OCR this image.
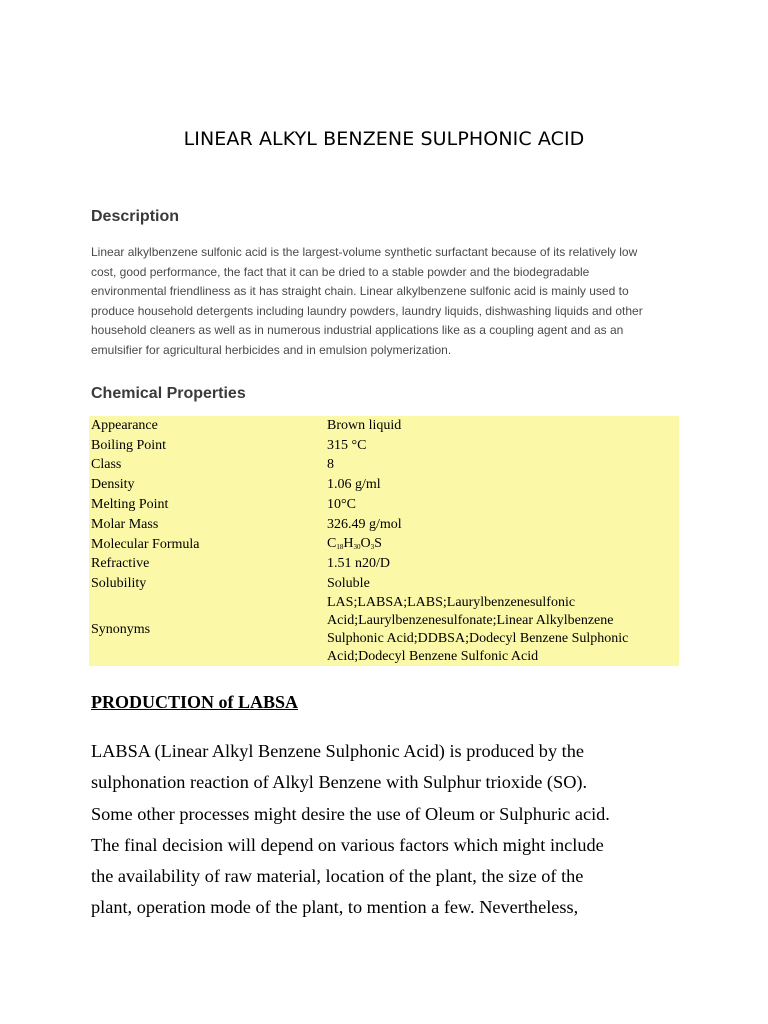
LINEAR ALKYL BENZENE SULPHONIC ACID
Description
Linear alkylbenzene sulfonic acid is the largest-volume synthetic surfactant because of its relatively low
cost, good performance, the fact that it can be dried to a stable powder and the biodegradable
environmental friendliness as it has straight chain. Linear alkylbenzene sulfonic acid is mainly used to
produce household detergents including laundry powders, laundry liquids, dishwashing liquids and other
household cleaners as well as in numerous industrial applications like as a coupling agent and as an
emulsifier for agricultural herbicides and in emulsion polymerization.
Chemical Properties
Appearance	Brown liquid
Boiling Point	315 °C
Class	8
Density	1.06 g/ml
Melting Point	10°C
Molar Mass	326.49 g/mol
Molecular Formula	$C_{18}H_{30}O_3S$
Refractive	1.51 n20/D
Solubility	Soluble
Synonyms	LAS;LABSA;LABS;Laurylbenzenesulfonic
Acid;Laurylbenzenesulfonate;Linear Alkylbenzene
Sulphonic Acid;DDBSA;Dodecyl Benzene Sulphonic
Acid;Dodecyl Benzene Sulfonic Acid
PRODUCTION of LABSA
LABSA (Linear Alkyl Benzene Sulphonic Acid) is produced by the
sulphonation reaction of Alkyl Benzene with Sulphur trioxide (SO).
Some other processes might desire the use of Oleum or Sulphuric acid.
The final decision will depend on various factors which might include
the availability of raw material, location of the plant, the size of the
plant, operation mode of the plant, to mention a few. Nevertheless,
